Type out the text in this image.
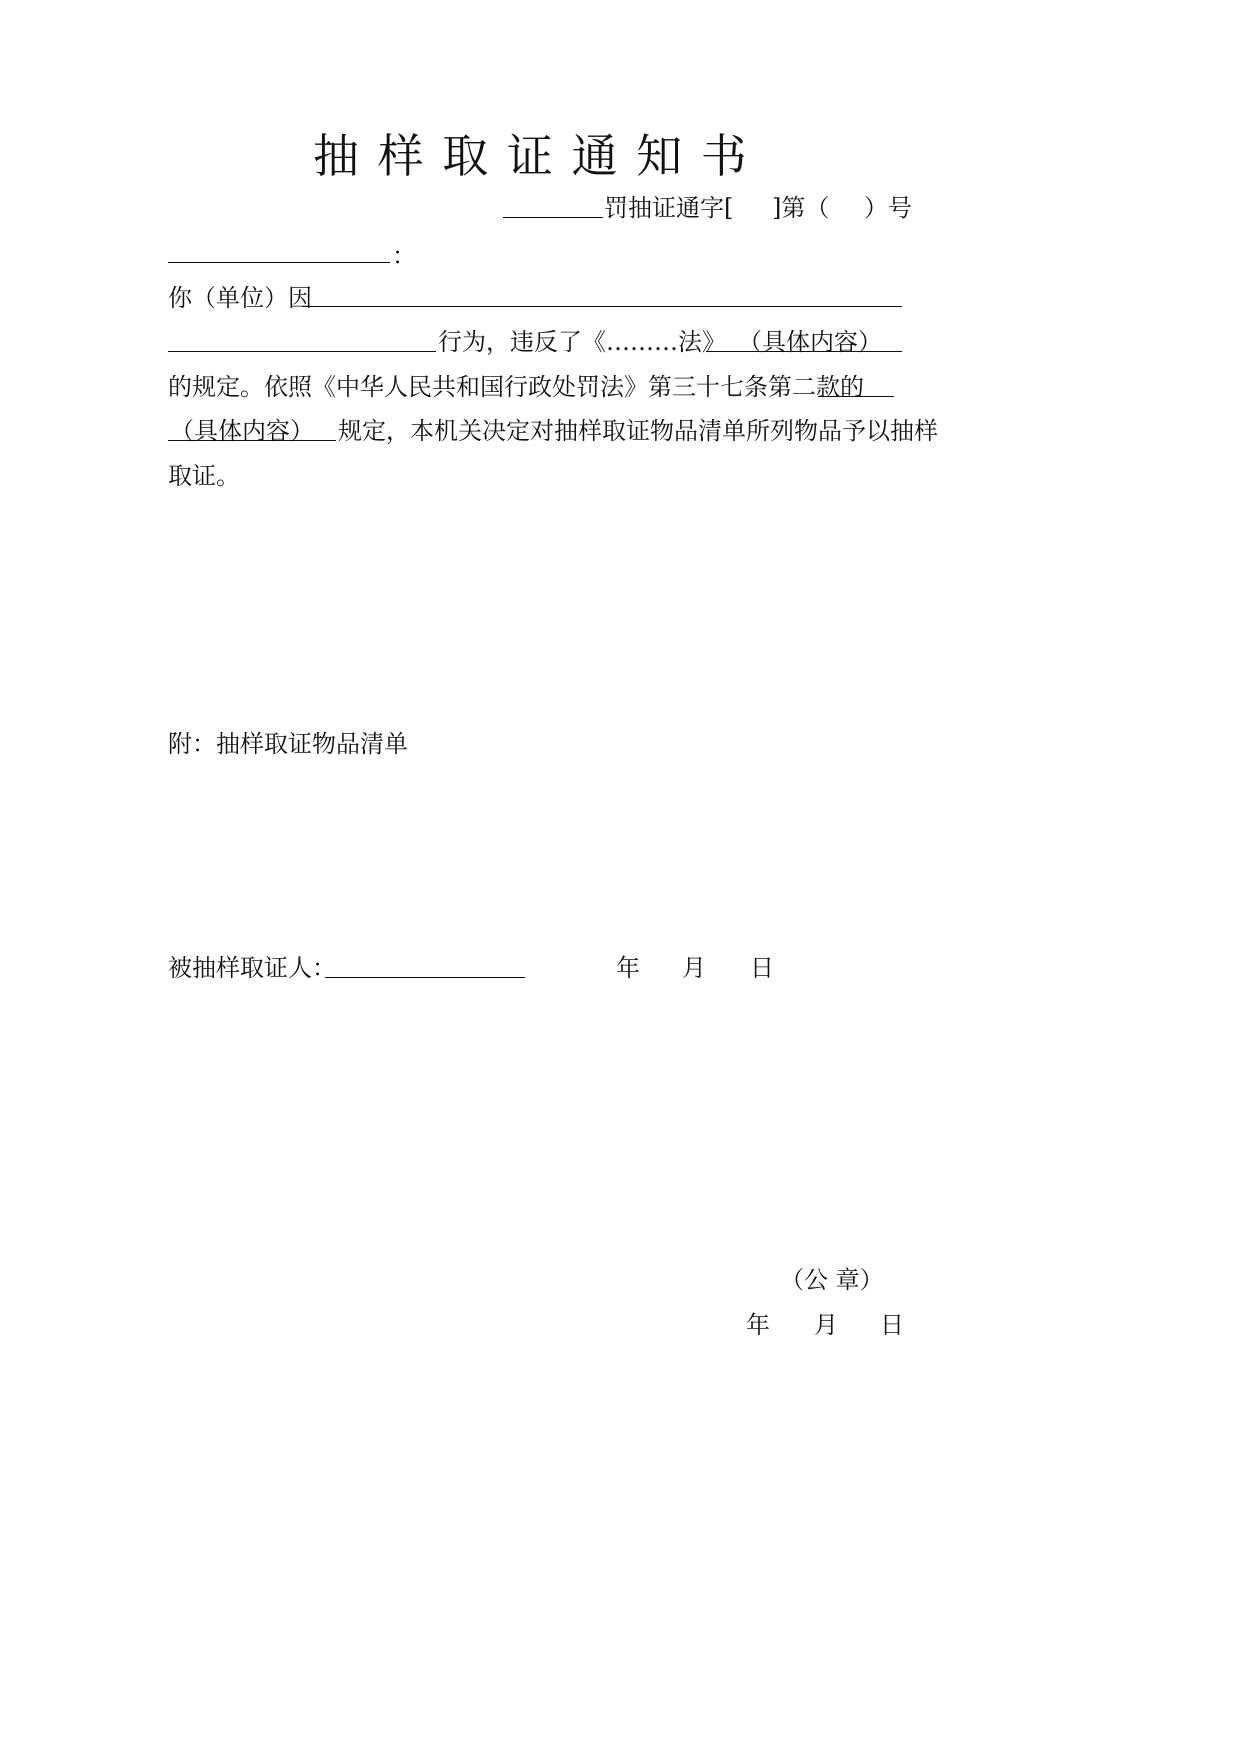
抽 样 取 证 通 知 书
罚抽证通字[ ]第（ ）号
：
你（单位）因
行为，违反了《………法》 （具体内容）
的规定。依照《中华人民共和国行政处罚法》第三十七条第二款的
（具体内容） 规定，本机关决定对抽样取证物品清单所列物品予以抽样
取证。
附：抽样取证物品清单
被抽样取证人：	年 月 日
（公 章）
年 月 日
